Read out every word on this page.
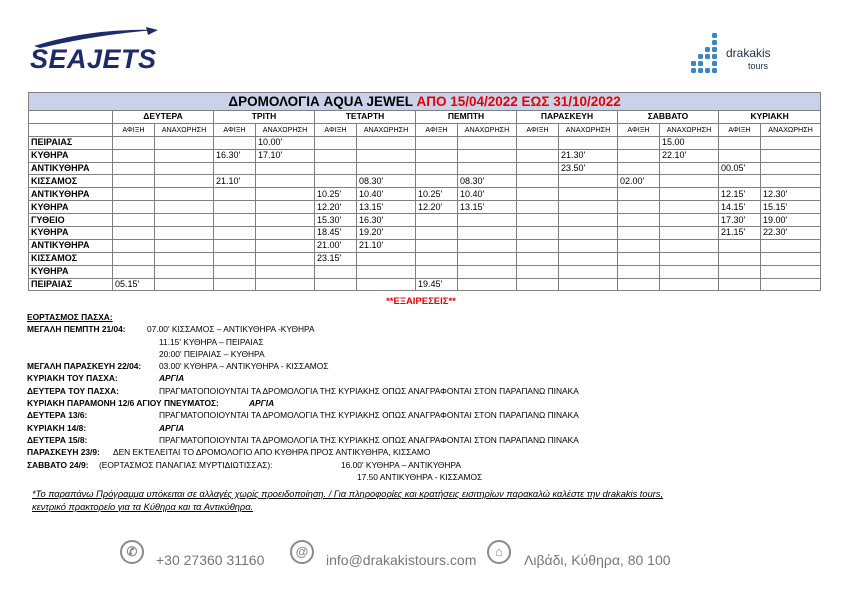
SEAJETS	drakakis
tours
ΔΡΟΜΟΛΟΓΙΑ AQUA JEWEL ΑΠΟ 15/04/2022 ΕΩΣ 31/10/2022														
	ΔΕΥΤΕΡΑ		ΤΡΙΤΗ		ΤΕΤΑΡΤΗ		ΠΕΜΠΤΗ		ΠΑΡΑΣΚΕΥΗ		ΣΑΒΒΑΤΟ		ΚΥΡΙΑΚΗ	
	ΑΦΙΞΗ	ΑΝΑΧΩΡΗΣΗ	ΑΦΙΞΗ	ΑΝΑΧΩΡΗΣΗ	ΑΦΙΞΗ	ΑΝΑΧΩΡΗΣΗ	ΑΦΙΞΗ	ΑΝΑΧΩΡΗΣΗ	ΑΦΙΞΗ	ΑΝΑΧΩΡΗΣΗ	ΑΦΙΞΗ	ΑΝΑΧΩΡΗΣΗ	ΑΦΙΞΗ	ΑΝΑΧΩΡΗΣΗ
ΠΕΙΡΑΙΑΣ				10.00'								15.00		
ΚΥΘΗΡΑ			16.30'	17.10'						21.30'		22.10'		
ΑΝΤΙΚΥΘΗΡΑ										23.50'			00.05'	
ΚΙΣΣΑΜΟΣ			21.10'			08.30'		08.30'			02.00'			
ΑΝΤΙΚΥΘΗΡΑ					10.25'	10.40'	10.25'	10.40'					12.15'	12.30'
ΚΥΘΗΡΑ					12.20'	13.15'	12.20'	13.15'					14.15'	15.15'
ΓΥΘΕΙΟ					15.30'	16.30'							17.30'	19.00'
ΚΥΘΗΡΑ					18.45'	19.20'							21.15'	22.30'
ΑΝΤΙΚΥΘΗΡΑ					21.00'	21.10'								
ΚΙΣΣΑΜΟΣ					23.15'									
ΚΥΘΗΡΑ														
ΠΕΙΡΑΙΑΣ	05.15'						19.45'							
**ΕΞΑΙΡΕΣΕΙΣ**
ΕΟΡΤΑΣΜΟΣ ΠΑΣΧΑ:
ΜΕΓΑΛΗ ΠΕΜΠΤΗ 21/04:	07.00' ΚΙΣΣΑΜΟΣ – ΑΝΤΙΚΥΘΗΡΑ -ΚΥΘΗΡΑ
11.15' ΚΥΘΗΡΑ – ΠΕΙΡΑΙΑΣ
20:00' ΠΕΙΡΑΙΑΣ – ΚΥΘΗΡΑ
ΜΕΓΑΛΗ ΠΑΡΑΣΚΕΥΗ 22/04: 03.00' ΚΥΘΗΡΑ – ΑΝΤΙΚΥΘΗΡΑ - ΚΙΣΣΑΜΟΣ
ΚΥΡΙΑΚΗ ΤΟΥ ΠΑΣΧΑ:	ΑΡΓΙΑ
ΔΕΥΤΕΡΑ ΤΟΥ ΠΑΣΧΑ:	ΠΡΑΓΜΑΤΟΠΟΙΟΥΝΤΑΙ ΤΑ ΔΡΟΜΟΛΟΓΙΑ ΤΗΣ ΚΥΡΙΑΚΗΣ ΟΠΩΣ ΑΝΑΓΡΑΦΟΝΤΑΙ ΣΤΟΝ ΠΑΡΑΠΑΝΩ ΠΙΝΑΚΑ
ΚΥΡΙΑΚΗ ΠΑΡΑΜΟΝΗ 12/6 ΑΓΙΟΥ ΠΝΕΥΜΑΤΟΣ:	ΑΡΓΙΑ
ΔΕΥΤΕΡΑ 13/6:	ΠΡΑΓΜΑΤΟΠΟΙΟΥΝΤΑΙ ΤΑ ΔΡΟΜΟΛΟΓΙΑ ΤΗΣ ΚΥΡΙΑΚΗΣ ΟΠΩΣ ΑΝΑΓΡΑΦΟΝΤΑΙ ΣΤΟΝ ΠΑΡΑΠΑΝΩ ΠΙΝΑΚΑ
ΚΥΡΙΑΚΗ 14/8:	ΑΡΓΙΑ
ΔΕΥΤΕΡΑ 15/8:	ΠΡΑΓΜΑΤΟΠΟΙΟΥΝΤΑΙ ΤΑ ΔΡΟΜΟΛΟΓΙΑ ΤΗΣ ΚΥΡΙΑΚΗΣ ΟΠΩΣ ΑΝΑΓΡΑΦΟΝΤΑΙ ΣΤΟΝ ΠΑΡΑΠΑΝΩ ΠΙΝΑΚΑ
ΠΑΡΑΣΚΕΥΗ 23/9: ΔΕΝ ΕΚΤΕΛΕΙΤΑΙ ΤΟ ΔΡΟΜΟΛΟΓΙΟ ΑΠΟ ΚΥΘΗΡΑ ΠΡΟΣ ΑΝΤΙΚΥΘΗΡΑ, ΚΙΣΣΑΜΟ
ΣΑΒΒΑΤΟ 24/9: (ΕΟΡΤΑΣΜΟΣ ΠΑΝΑΓΙΑΣ ΜΥΡΤΙΔΙΩΤΙΣΣΑΣ):	16.00' ΚΥΘΗΡΑ – ΑΝΤΙΚΥΘΗΡΑ
17.50 ΑΝΤΙΚΥΘΗΡΑ - ΚΙΣΣΑΜΟΣ
*Το παραπάνω Πρόγραμμα υπόκειται σε αλλαγές χωρίς προειδοποίηση. / Για πληροφορίες και κρατήσεις εισιτηρίων παρακαλώ καλέστε την drakakis tours,
κεντρικό πρακτορείο για τα Κύθηρα και τα Αντικύθηρα.
✆
+30 27360 31160
@
info@drakakistours.com
⌂
Λιβάδι, Κύθηρα, 80 100
